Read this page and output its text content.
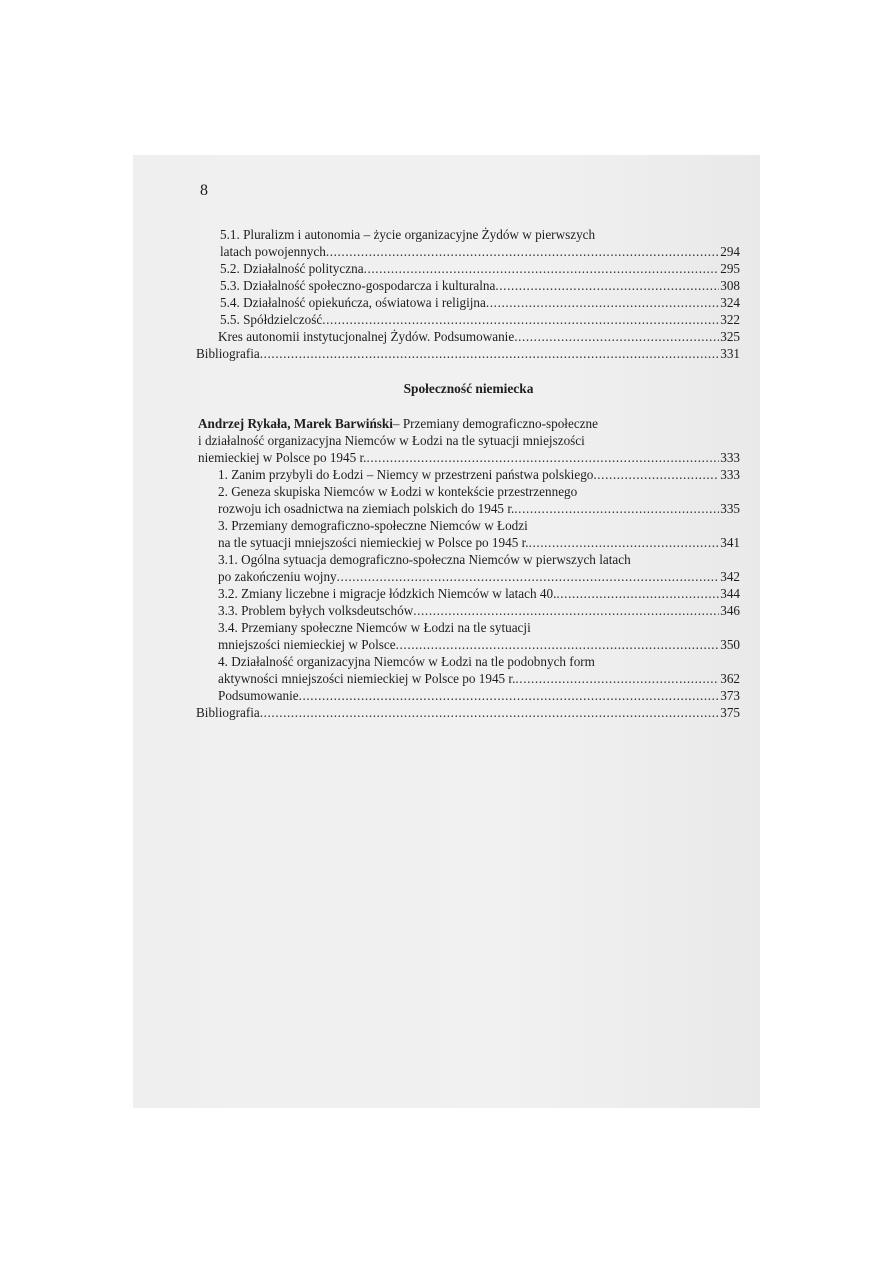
8
5.1. Pluralizm i autonomia – życie organizacyjne Żydów w pierwszych
latach powojennych .....	294
5.2. Działalność polityczna .....	295
5.3. Działalność społeczno-gospodarcza i kulturalna .....	308
5.4. Działalność opiekuńcza, oświatowa i religijna .....	324
5.5. Spółdzielczość .....	322
Kres autonomii instytucjonalnej Żydów. Podsumowanie .....	325
Bibliografia .....	331
Społeczność niemiecka
Andrzej Rykała, Marek Barwiński – Przemiany demograficzno-społeczne
i działalność organizacyjna Niemców w Łodzi na tle sytuacji mniejszości
niemieckiej w Polsce po 1945 r. .....	333
1. Zanim przybyli do Łodzi – Niemcy w przestrzeni państwa polskiego .....	333
2. Geneza skupiska Niemców w Łodzi w kontekście przestrzennego
rozwoju ich osadnictwa na ziemiach polskich do 1945 r. .....	335
3. Przemiany demograficzno-społeczne Niemców w Łodzi
na tle sytuacji mniejszości niemieckiej w Polsce po 1945 r. .....	341
3.1. Ogólna sytuacja demograficzno-społeczna Niemców w pierwszych latach
po zakończeniu wojny .....	342
3.2. Zmiany liczebne i migracje łódzkich Niemców w latach 40. .....	344
3.3. Problem byłych volksdeutschów .....	346
3.4. Przemiany społeczne Niemców w Łodzi na tle sytuacji
mniejszości niemieckiej w Polsce .....	350
4. Działalność organizacyjna Niemców w Łodzi na tle podobnych form
aktywności mniejszości niemieckiej w Polsce po 1945 r. .....	362
Podsumowanie .....	373
Bibliografia .....	375
